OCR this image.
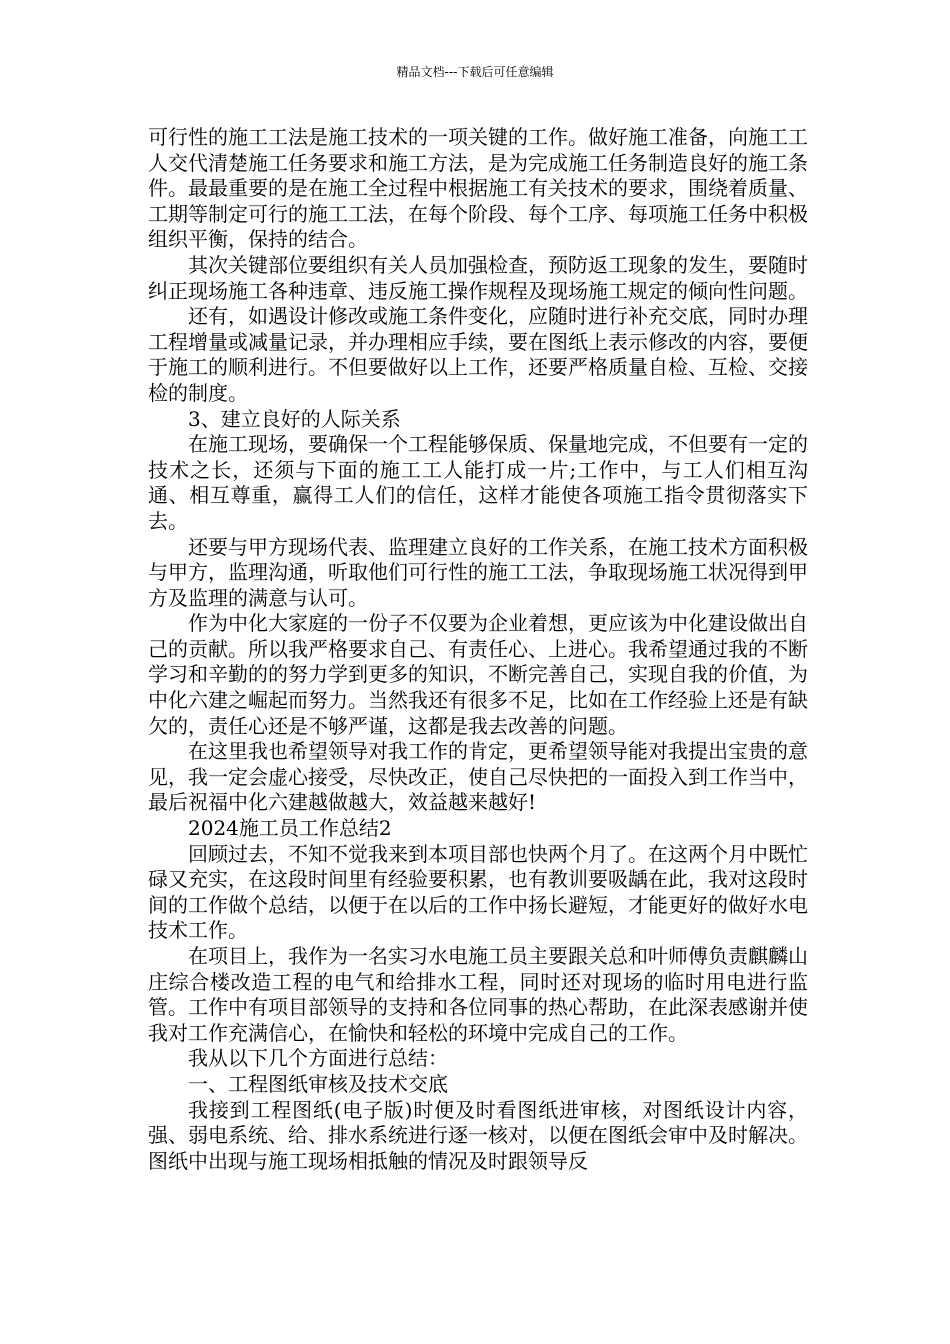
精品文档---下载后可任意编辑

可行性的施工工法是施工技术的一项关键的工作。做好施工准备，向施工工人交代清楚施工任务要求和施工方法，是为完成施工任务制造良好的施工条件。最最重要的是在施工全过程中根据施工有关技术的要求，围绕着质量、工期等制定可行的施工工法，在每个阶段、每个工序、每项施工任务中积极组织平衡，保持的结合。

其次关键部位要组织有关人员加强检查，预防返工现象的发生，要随时纠正现场施工各种违章、违反施工操作规程及现场施工规定的倾向性问题。

还有，如遇设计修改或施工条件变化，应随时进行补充交底，同时办理工程增量或减量记录，并办理相应手续，要在图纸上表示修改的内容，要便于施工的顺利进行。不但要做好以上工作，还要严格质量自检、互检、交接检的制度。

3、建立良好的人际关系

在施工现场，要确保一个工程能够保质、保量地完成，不但要有一定的技术之长，还须与下面的施工工人能打成一片;工作中，与工人们相互沟通、相互尊重，赢得工人们的信任，这样才能使各项施工指令贯彻落实下去。

还要与甲方现场代表、监理建立良好的工作关系，在施工技术方面积极与甲方，监理沟通，听取他们可行性的施工工法，争取现场施工状况得到甲方及监理的满意与认可。

作为中化大家庭的一份子不仅要为企业着想，更应该为中化建设做出自己的贡献。所以我严格要求自己、有责任心、上进心。我希望通过我的不断学习和辛勤的的努力学到更多的知识，不断完善自己，实现自我的价值，为中化六建之崛起而努力。当然我还有很多不足，比如在工作经验上还是有缺欠的，责任心还是不够严谨，这都是我去改善的问题。

在这里我也希望领导对我工作的肯定，更希望领导能对我提出宝贵的意见，我一定会虚心接受，尽快改正，使自己尽快把的一面投入到工作当中，最后祝福中化六建越做越大，效益越来越好!

2024施工员工作总结2

回顾过去，不知不觉我来到本项目部也快两个月了。在这两个月中既忙碌又充实，在这段时间里有经验要积累，也有教训要吸龋在此，我对这段时间的工作做个总结，以便于在以后的工作中扬长避短，才能更好的做好水电技术工作。

在项目上，我作为一名实习水电施工员主要跟关总和叶师傅负责麒麟山庄综合楼改造工程的电气和给排水工程，同时还对现场的临时用电进行监管。工作中有项目部领导的支持和各位同事的热心帮助，在此深表感谢并使我对工作充满信心，在愉快和轻松的环境中完成自己的工作。

我从以下几个方面进行总结：

一、工程图纸审核及技术交底

我接到工程图纸(电子版)时便及时看图纸进审核，对图纸设计内容，强、弱电系统、给、排水系统进行逐一核对，以便在图纸会审中及时解决。图纸中出现与施工现场相抵触的情况及时跟领导反
